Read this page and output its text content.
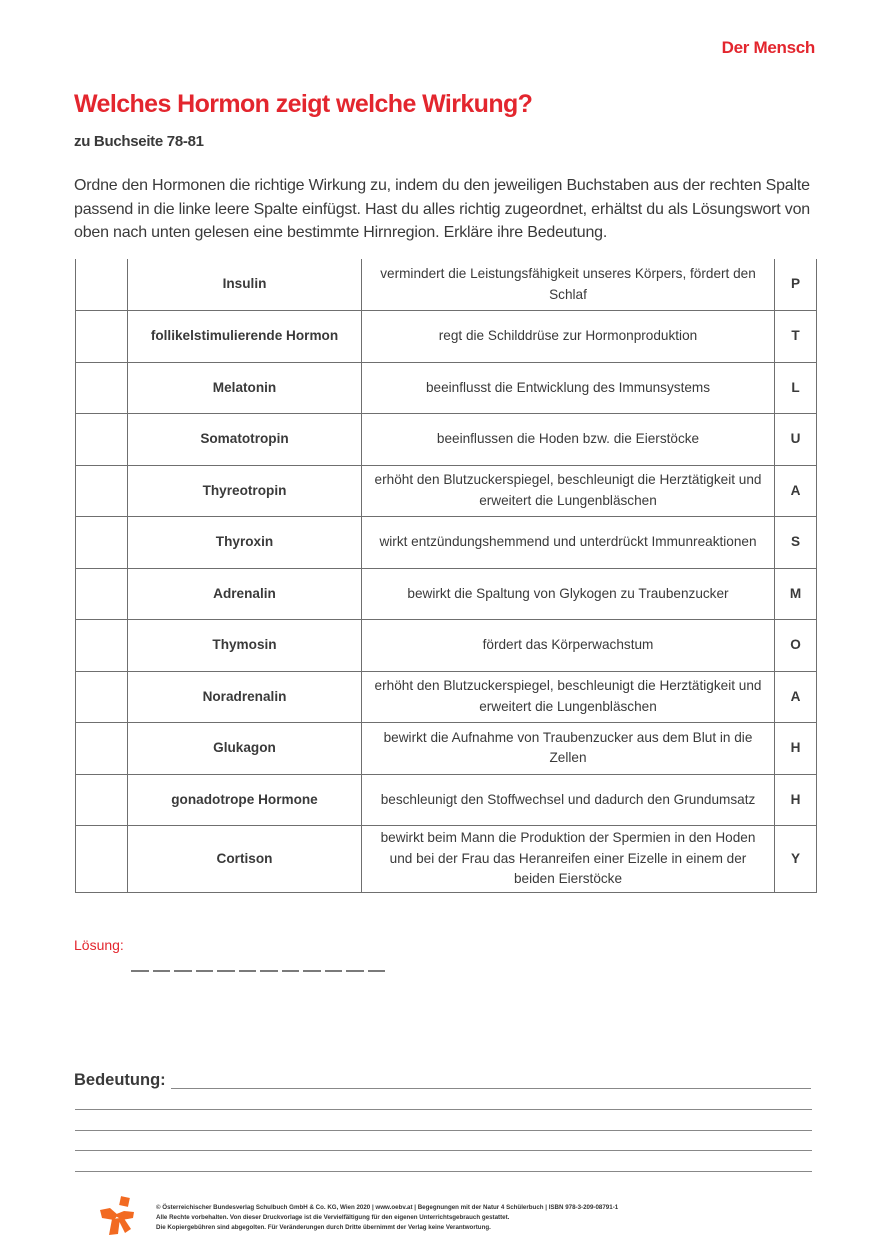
Der Mensch
Welches Hormon zeigt welche Wirkung?
zu Buchseite 78-81
Ordne den Hormonen die richtige Wirkung zu, indem du den jeweiligen Buchstaben aus der rechten Spalte passend in die linke leere Spalte einfügst. Hast du alles richtig zugeordnet, erhältst du als Lösungswort von oben nach unten gelesen eine bestimmte Hirnregion. Erkläre ihre Bedeutung.
	Insulin	vermindert die Leistungsfähigkeit unseres Körpers, fördert den Schlaf	P
	follikelstimulierende Hormon	regt die Schilddrüse zur Hormonproduktion	T
	Melatonin	beeinflusst die Entwicklung des Immunsystems	L
	Somatotropin	beeinflussen die Hoden bzw. die Eierstöcke	U
	Thyreotropin	erhöht den Blutzuckerspiegel, beschleunigt die Herztätigkeit und erweitert die Lungenbläschen	A
	Thyroxin	wirkt entzündungshemmend und unterdrückt Immunreaktionen	S
	Adrenalin	bewirkt die Spaltung von Glykogen zu Traubenzucker	M
	Thymosin	fördert das Körperwachstum	O
	Noradrenalin	erhöht den Blutzuckerspiegel, beschleunigt die Herztätigkeit und erweitert die Lungenbläschen	A
	Glukagon	bewirkt die Aufnahme von Traubenzucker aus dem Blut in die Zellen	H
	gonadotrope Hormone	beschleunigt den Stoffwechsel und dadurch den Grundumsatz	H
	Cortison	bewirkt beim Mann die Produktion der Spermien in den Hoden und bei der Frau das Heranreifen einer Eizelle in einem der beiden Eierstöcke	Y
Lösung:
Bedeutung:
© Österreichischer Bundesverlag Schulbuch GmbH & Co. KG, Wien 2020 | www.oebv.at | Begegnungen mit der Natur 4 Schülerbuch | ISBN 978-3-209-08791-1
Alle Rechte vorbehalten. Von dieser Druckvorlage ist die Vervielfältigung für den eigenen Unterrichtsgebrauch gestattet.
Die Kopiergebühren sind abgegolten. Für Veränderungen durch Dritte übernimmt der Verlag keine Verantwortung.
